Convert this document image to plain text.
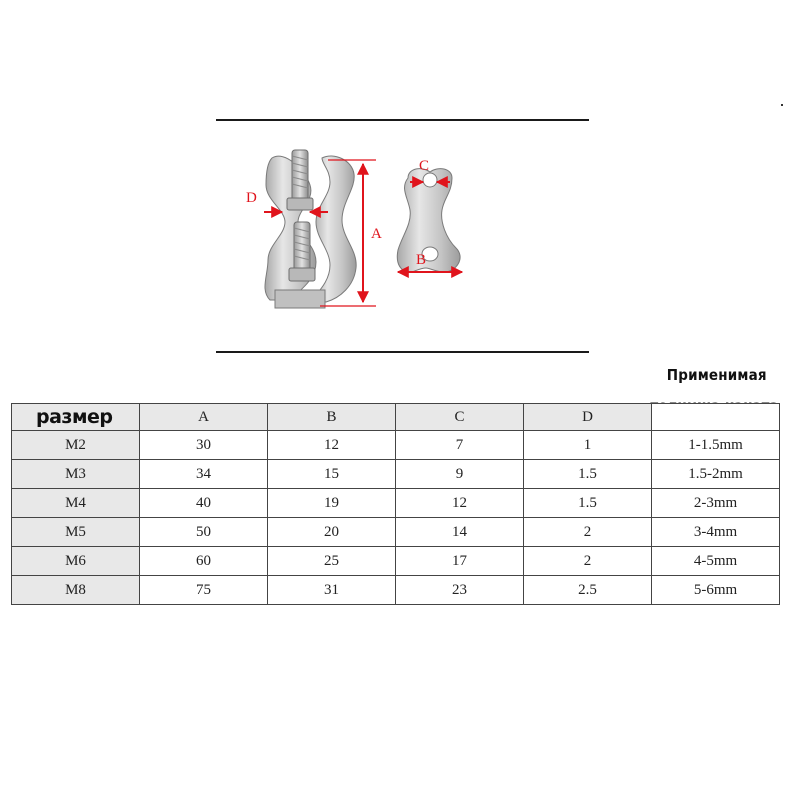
D
A
C
B
Применимая
размер	A	B	C	D	
M2	30	12	7	1	1-1.5mm
M3	34	15	9	1.5	1.5-2mm
M4	40	19	12	1.5	2-3mm
M5	50	20	14	2	3-4mm
M6	60	25	17	2	4-5mm
M8	75	31	23	2.5	5-6mm
